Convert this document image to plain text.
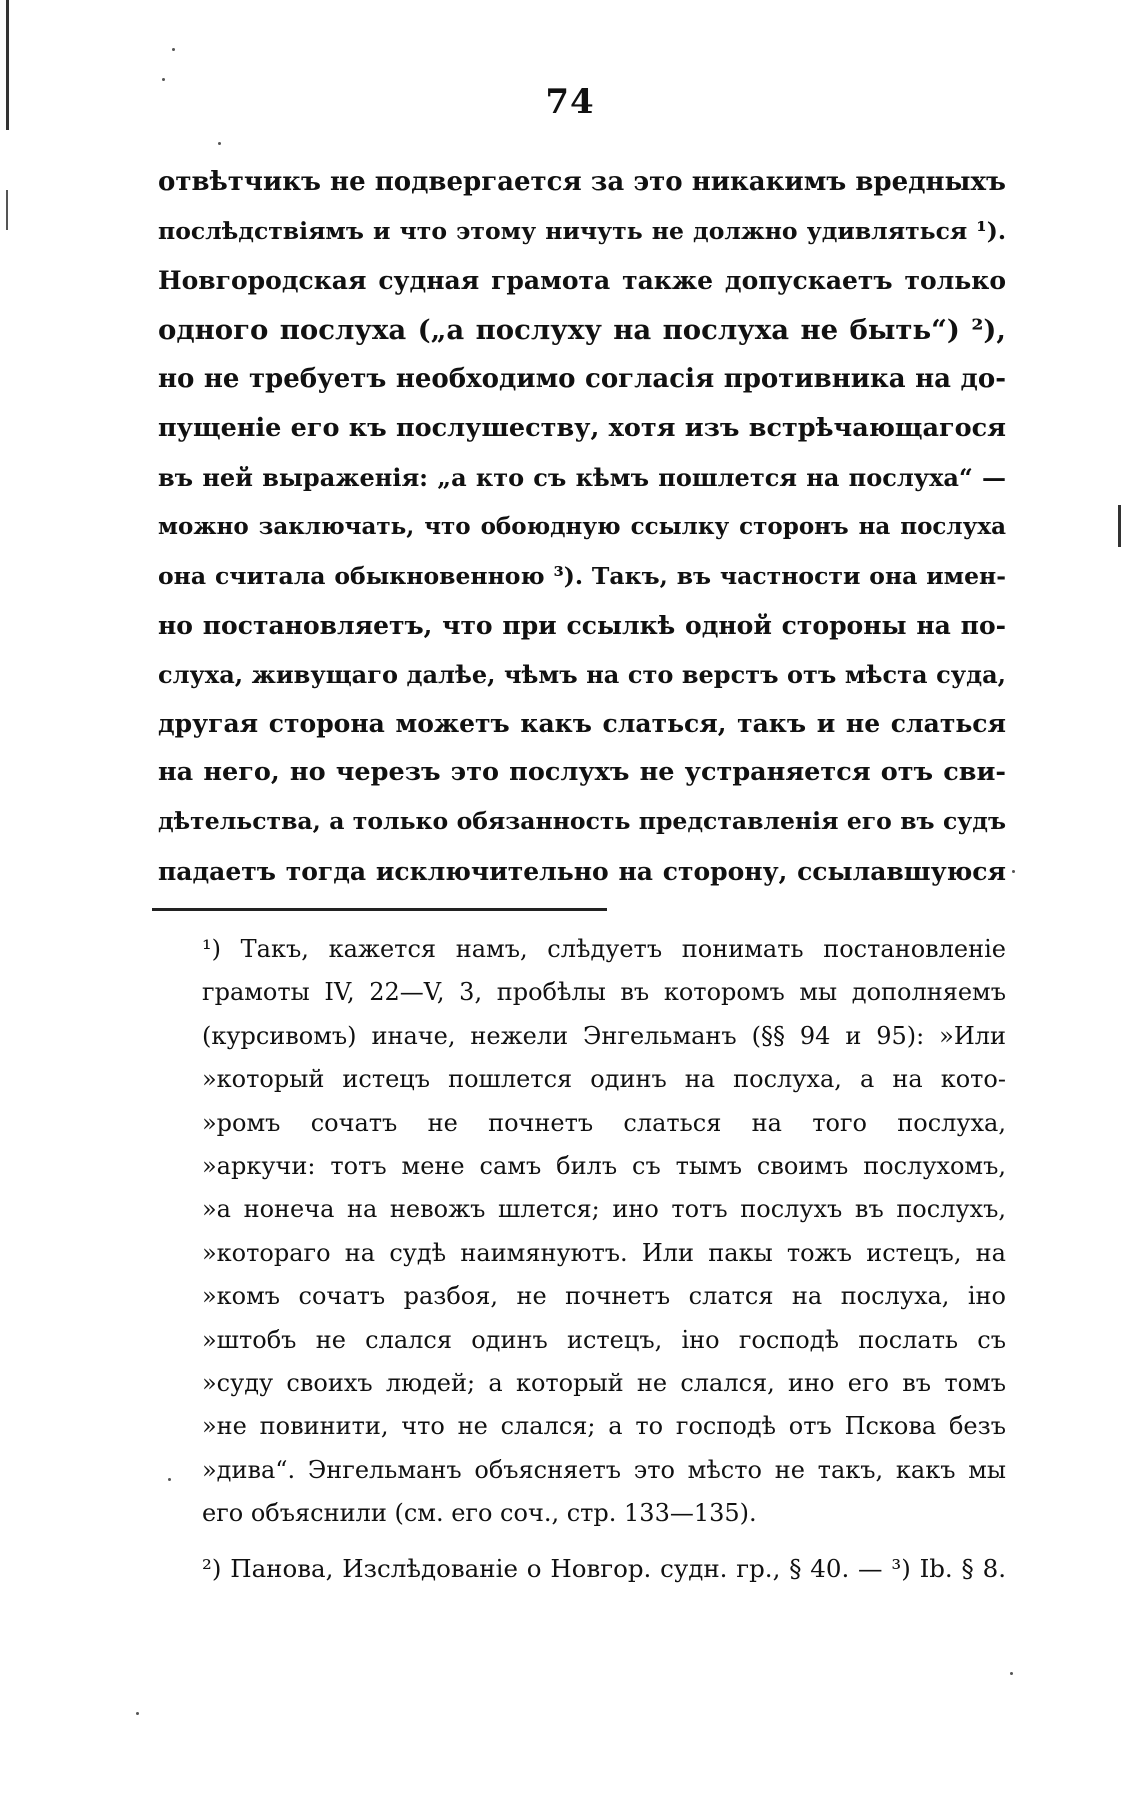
74
отвѣтчикъ не подвергается за это никакимъ вредныхъ
послѣдствіямъ и что этому ничуть не должно удивляться ¹).
Новгородская судная грамота также допускаетъ только
одного послуха („а послуху на послуха не быть“) ²),
но не требуетъ необходимо согласія противника на до-
пущеніе его къ послушеству, хотя изъ встрѣчающагося
въ ней выраженія: „а кто съ кѣмъ пошлется на послуха“ —
можно заключать, что обоюдную ссылку сторонъ на послуха
она считала обыкновенною ³). Такъ, въ частности она имен-
но постановляетъ, что при ссылкѣ одной стороны на по-
слуха, живущаго далѣе, чѣмъ на сто верстъ отъ мѣста суда,
другая сторона можетъ какъ слаться, такъ и не слаться
на него, но черезъ это послухъ не устраняется отъ сви-
дѣтельства, а только обязанность представленія его въ судъ
падаетъ тогда исключительно на сторону, ссылавшуюся
¹) Такъ, кажется намъ, слѣдуетъ понимать постановленіе
грамоты IV, 22—V, 3, пробѣлы въ которомъ мы дополняемъ
(курсивомъ) иначе, нежели Энгельманъ (§§ 94 и 95): »Или
»который истецъ пошлется одинъ на послуха, а на кото-
»ромъ сочатъ не почнетъ слаться на того послуха,
»аркучи: тотъ мене самъ билъ съ тымъ своимъ послухомъ,
»а нонеча на невожъ шлется; ино тотъ послухъ въ послухъ,
»котораго на судѣ наимянуютъ. Или пакы тожъ истецъ, на
»комъ сочатъ разбоя, не почнетъ слатся на послуха, іно
»штобъ не слался одинъ истецъ, іно господѣ послать съ
»суду своихъ людей; а который не слался, ино его въ томъ
»не повинити, что не слался; а то господѣ отъ Пскова безъ
»дива“. Энгельманъ объясняетъ это мѣсто не такъ, какъ мы
его объяснили (см. его соч., стр. 133—135).
²) Панова, Изслѣдованіе о Новгор. судн. гр., § 40. — ³) Ib. § 8.
